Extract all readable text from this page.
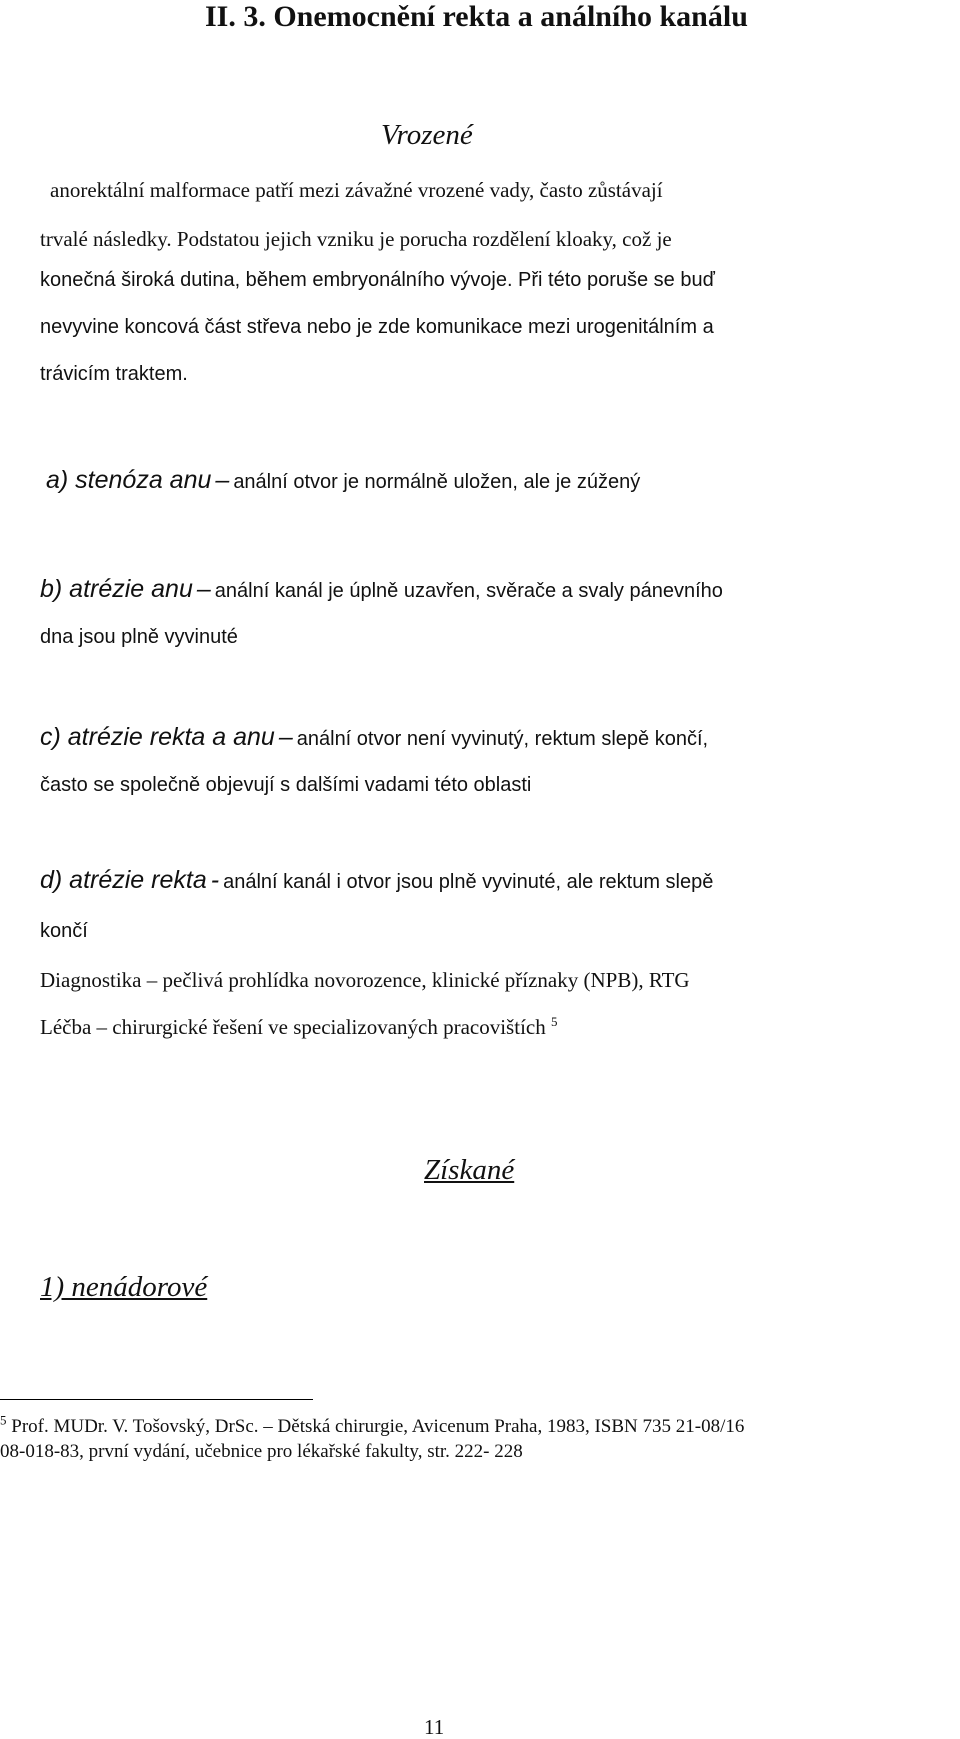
II. 3. Onemocnění rekta a análního kanálu
Vrozené
anorektální malformace patří mezi závažné vrozené vady, často zůstávají
trvalé následky. Podstatou jejich vzniku je porucha rozdělení kloaky, což je
konečná široká dutina, během embryonálního vývoje. Při této poruše se buď
nevyvine koncová část střeva nebo je zde komunikace mezi urogenitálním a
trávicím traktem.
a) stenóza anu – anální otvor je normálně uložen, ale je zúžený
b) atrézie anu – anální kanál je úplně uzavřen, svěrače a svaly pánevního
dna jsou plně vyvinuté
c) atrézie rekta a anu – anální otvor není vyvinutý, rektum slepě končí,
často se společně objevují s dalšími vadami této oblasti
d) atrézie rekta - anální kanál i otvor jsou plně vyvinuté, ale rektum slepě
končí
Diagnostika – pečlivá prohlídka novorozence, klinické příznaky (NPB), RTG
Léčba – chirurgické řešení ve specializovaných pracovištích $^5$
Získané
1) nenádorové
$^5$ Prof. MUDr. V. Tošovský, DrSc. – Dětská chirurgie, Avicenum Praha, 1983, ISBN 735 21-08/16
08-018-83, první vydání, učebnice pro lékařské fakulty, str. 222- 228
11
